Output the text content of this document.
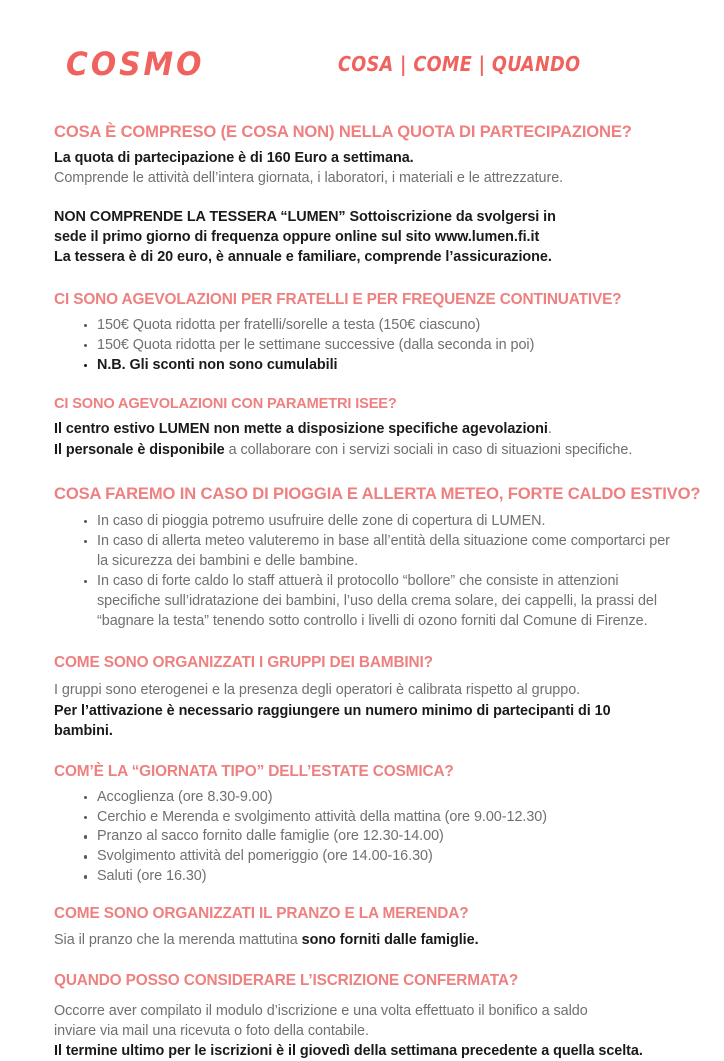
COSMO	COSA | COME | QUANDO
COSA È COMPRESO (E COSA NON) NELLA QUOTA DI PARTECIPAZIONE?

La quota di partecipazione è di 160 Euro a settimana.

Comprende le attività dell’intera giornata, i laboratori, i materiali e le attrezzature.

NON COMPRENDE LA TESSERA “LUMEN” Sottoiscrizione da svolgersi in

sede il primo giorno di frequenza oppure online sul sito www.lumen.fi.it

La tessera è di 20 euro, è annuale e familiare, comprende l’assicurazione.

CI SONO AGEVOLAZIONI PER FRATELLI E PER FREQUENZE CONTINUATIVE?
150€ Quota ridotta per fratelli/sorelle a testa (150€ ciascuno)
150€ Quota ridotta per le settimane successive (dalla seconda in poi)
N.B. Gli sconti non sono cumulabili
CI SONO AGEVOLAZIONI CON PARAMETRI ISEE?

Il centro estivo LUMEN non mette a disposizione specifiche agevolazioni.

Il personale è disponibile a collaborare con i servizi sociali in caso di situazioni specifiche.

COSA FAREMO IN CASO DI PIOGGIA E ALLERTA METEO, FORTE CALDO ESTIVO?
In caso di pioggia potremo usufruire delle zone di copertura di LUMEN.
In caso di allerta meteo valuteremo in base all’entità della situazione come comportarci per la sicurezza dei bambini e delle bambine.
In caso di forte caldo lo staff attuerà il protocollo “bollore” che consiste in attenzioni specifiche sull’idratazione dei bambini, l’uso della crema solare, dei cappelli, la prassi del “bagnare la testa” tenendo sotto controllo i livelli di ozono forniti dal Comune di Firenze.
COME SONO ORGANIZZATI I GRUPPI DEI BAMBINI?

I gruppi sono eterogenei e la presenza degli operatori è calibrata rispetto al gruppo.

Per l’attivazione è necessario raggiungere un numero minimo di partecipanti di 10 bambini.

COM’È LA “GIORNATA TIPO” DELL’ESTATE COSMICA?
Accoglienza (ore 8.30-9.00)
Cerchio e Merenda e svolgimento attività della mattina (ore 9.00-12.30)
Pranzo al sacco fornito dalle famiglie (ore 12.30-14.00)
Svolgimento attività del pomeriggio (ore 14.00-16.30)
Saluti (ore 16.30)
COME SONO ORGANIZZATI IL PRANZO E LA MERENDA?

Sia il pranzo che la merenda mattutina sono forniti dalle famiglie.

QUANDO POSSO CONSIDERARE L’ISCRIZIONE CONFERMATA?

Occorre aver compilato il modulo d’iscrizione e una volta effettuato il bonifico a saldo

inviare via mail una ricevuta o foto della contabile.

Il termine ultimo per le iscrizioni è il giovedì della settimana precedente a quella scelta.
